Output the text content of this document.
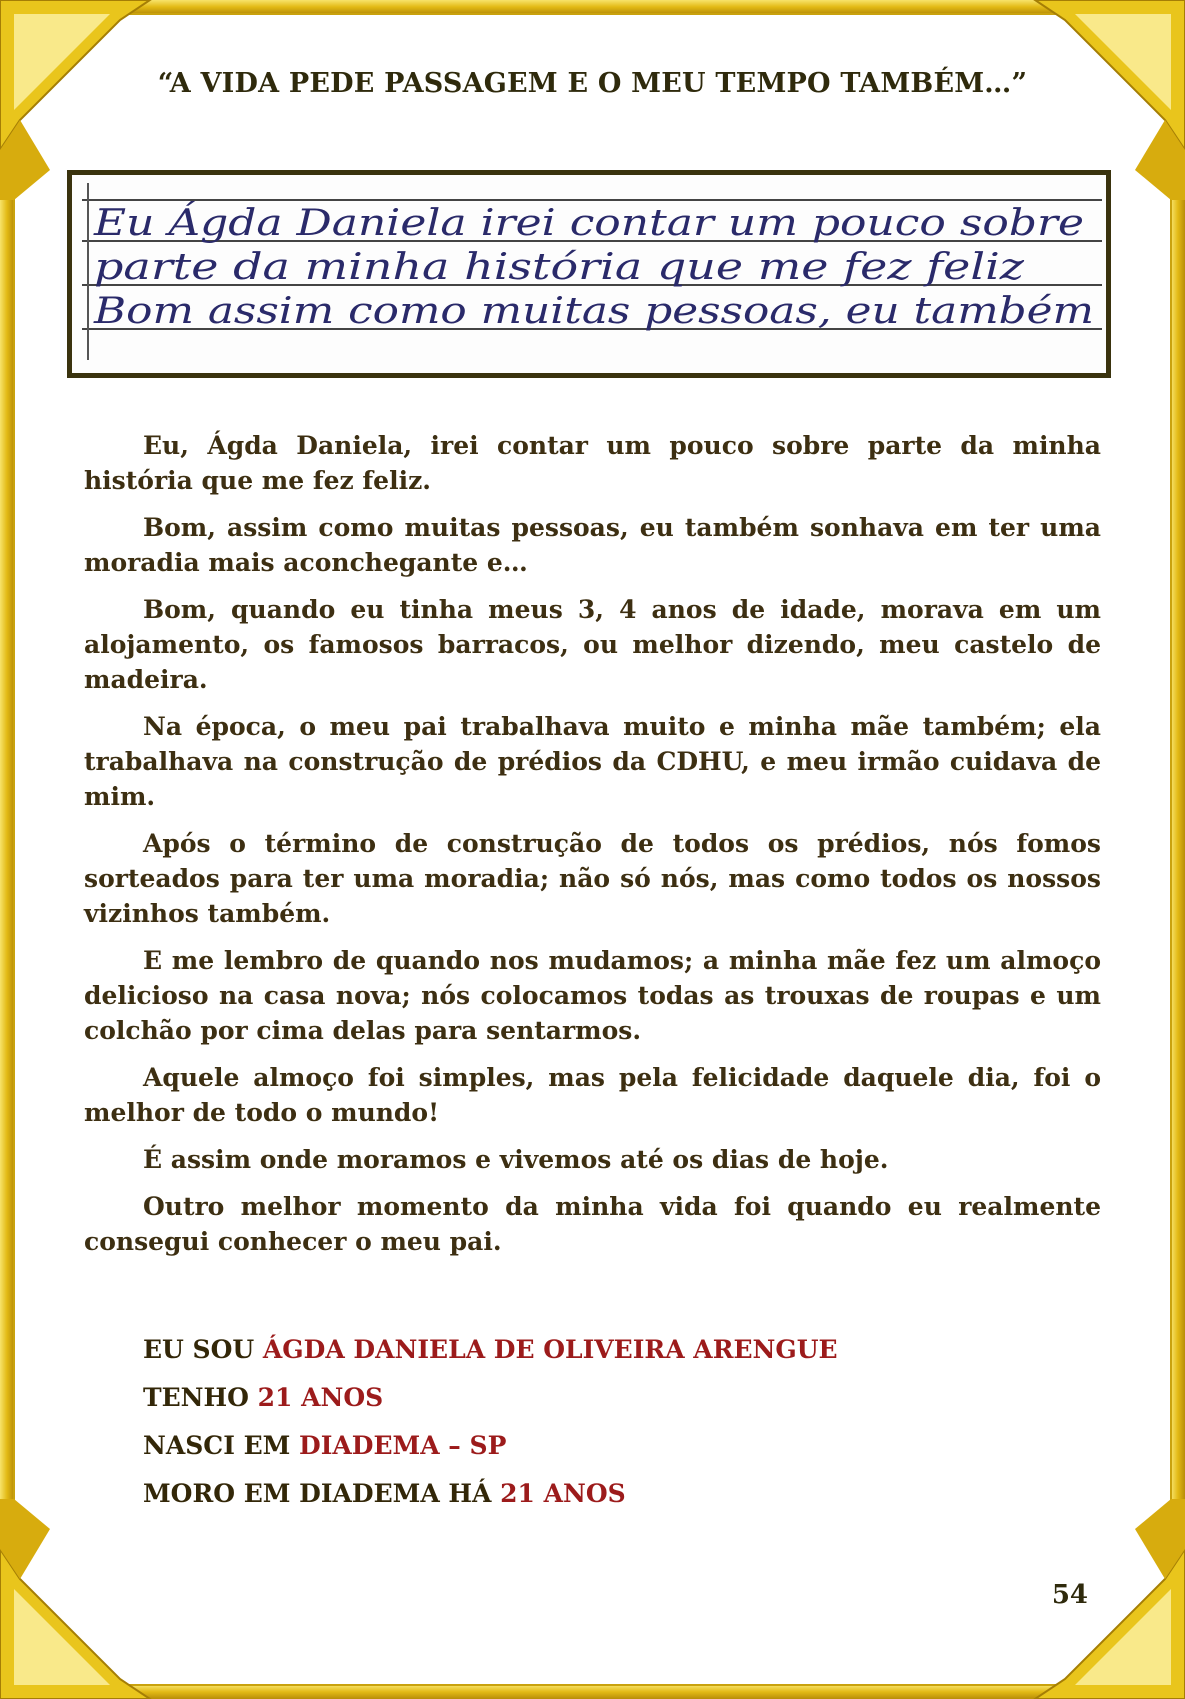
“A VIDA PEDE PASSAGEM E O MEU TEMPO TAMBÉM…”
Eu Ágda Daniela irei contar um pouco sobre
parte da minha história que me fez feliz
Bom assim como muitas pessoas, eu também

Eu, Ágda Daniela, irei contar um pouco sobre parte da minha história que me fez feliz.

Bom, assim como muitas pessoas, eu também sonhava em ter uma moradia mais aconchegante e…

Bom, quando eu tinha meus 3, 4 anos de idade, morava em um alojamento, os famosos barracos, ou melhor dizendo, meu castelo de madeira.

Na época, o meu pai trabalhava muito e minha mãe também; ela trabalhava na construção de prédios da CDHU, e meu irmão cuidava de mim.

Após o término de construção de todos os prédios, nós fomos sorteados para ter uma moradia; não só nós, mas como todos os nossos vizinhos também.

E me lembro de quando nos mudamos; a minha mãe fez um almoço delicioso na casa nova; nós colocamos todas as trouxas de roupas e um colchão por cima delas para sentarmos.

Aquele almoço foi simples, mas pela felicidade daquele dia, foi o melhor de todo o mundo!

É assim onde moramos e vivemos até os dias de hoje.

Outro melhor momento da minha vida foi quando eu realmente consegui conhecer o meu pai.

EU SOU ÁGDA DANIELA DE OLIVEIRA ARENGUE
TENHO 21 ANOS
NASCI EM DIADEMA – SP
MORO EM DIADEMA HÁ 21 ANOS
54
